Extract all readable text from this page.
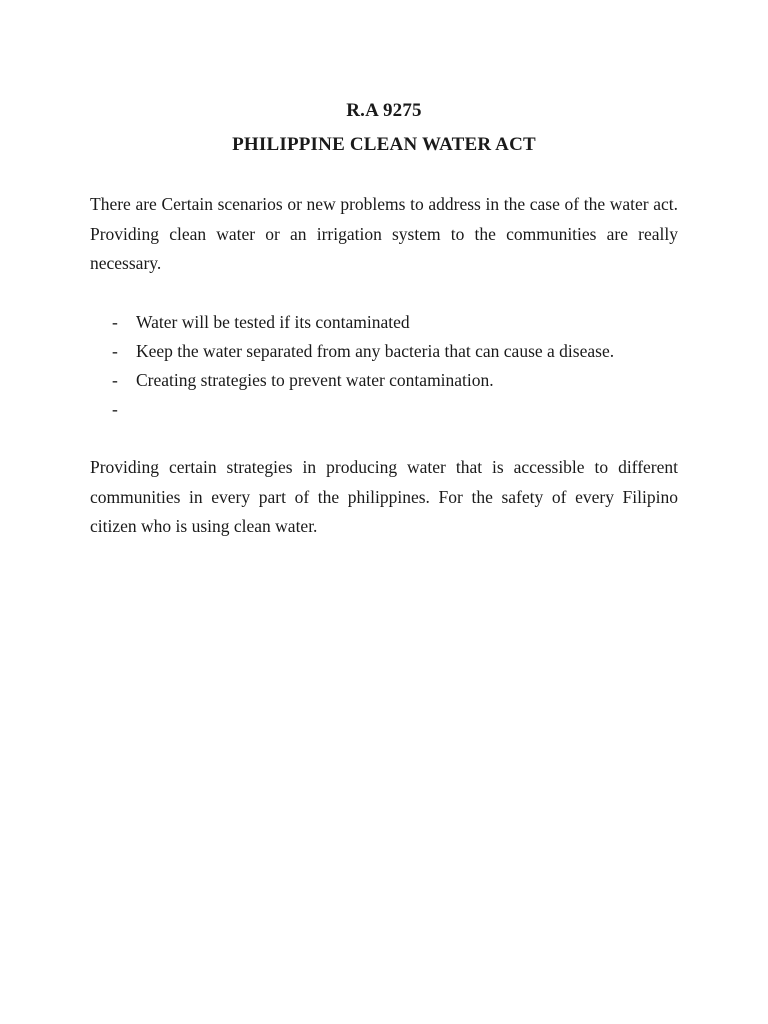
R.A 9275

PHILIPPINE CLEAN WATER ACT

There are Certain scenarios or new problems to address in the case of the water act. Providing clean water or an irrigation system to the communities are really necessary.

-	Water will be tested if its contaminated
-	Keep the water separated from any bacteria that can cause a disease.
-	Creating strategies to prevent water contamination.
-

Providing certain strategies in producing water that is accessible to different communities in every part of the philippines. For the safety of every Filipino citizen who is using clean water.
